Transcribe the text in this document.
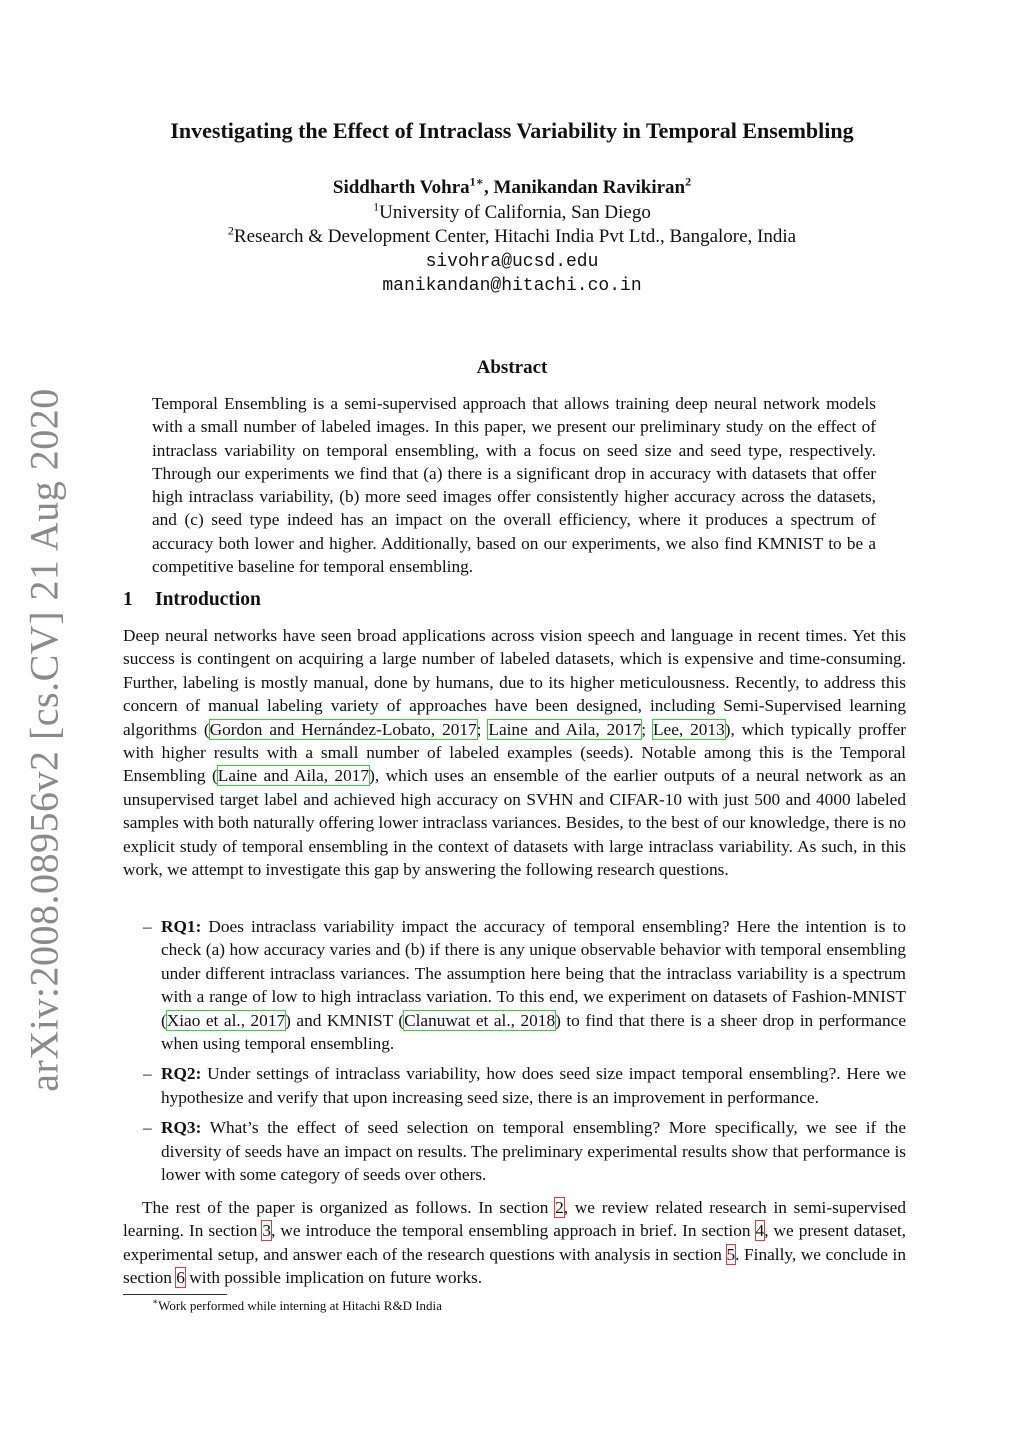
arXiv:2008.08956v2 [cs.CV] 21 Aug 2020
Investigating the Effect of Intraclass Variability in Temporal Ensembling
Siddharth Vohra$^{1∗}$, Manikandan Ravikiran$^2$
$^1$University of California, San Diego
$^2$Research & Development Center, Hitachi India Pvt Ltd., Bangalore, India
sivohra@ucsd.edu
manikandan@hitachi.co.in
Abstract
Temporal Ensembling is a semi-supervised approach that allows training deep neural network models with a small number of labeled images. In this paper, we present our preliminary study on the effect of intraclass variability on temporal ensembling, with a focus on seed size and seed type, respectively. Through our experiments we find that (a) there is a significant drop in accuracy with datasets that offer high intraclass variability, (b) more seed images offer consistently higher accuracy across the datasets, and (c) seed type indeed has an impact on the overall efficiency, where it produces a spectrum of accuracy both lower and higher. Additionally, based on our experiments, we also find KMNIST to be a competitive baseline for temporal ensembling.
1 Introduction
Deep neural networks have seen broad applications across vision speech and language in recent times. Yet this success is contingent on acquiring a large number of labeled datasets, which is expensive and time-consuming. Further, labeling is mostly manual, done by humans, due to its higher meticulousness. Recently, to address this concern of manual labeling variety of approaches have been designed, including Semi-Supervised learning algorithms (Gordon and Hernández-Lobato, 2017; Laine and Aila, 2017; Lee, 2013), which typically proffer with higher results with a small number of labeled examples (seeds). Notable among this is the Temporal Ensembling (Laine and Aila, 2017), which uses an ensemble of the earlier outputs of a neural network as an unsupervised target label and achieved high accuracy on SVHN and CIFAR-10 with just 500 and 4000 labeled samples with both naturally offering lower intraclass variances. Besides, to the best of our knowledge, there is no explicit study of temporal ensembling in the context of datasets with large intraclass variability. As such, in this work, we attempt to investigate this gap by answering the following research questions.
– RQ1: Does intraclass variability impact the accuracy of temporal ensembling? Here the intention is to check (a) how accuracy varies and (b) if there is any unique observable behavior with temporal ensembling under different intraclass variances. The assumption here being that the intraclass variability is a spectrum with a range of low to high intraclass variation. To this end, we experiment on datasets of Fashion-MNIST (Xiao et al., 2017) and KMNIST (Clanuwat et al., 2018) to find that there is a sheer drop in performance when using temporal ensembling.
– RQ2: Under settings of intraclass variability, how does seed size impact temporal ensembling?. Here we hypothesize and verify that upon increasing seed size, there is an improvement in performance.
– RQ3: What’s the effect of seed selection on temporal ensembling? More specifically, we see if the diversity of seeds have an impact on results. The preliminary experimental results show that performance is lower with some category of seeds over others.
The rest of the paper is organized as follows. In section 2, we review related research in semi-supervised learning. In section 3, we introduce the temporal ensembling approach in brief. In section 4, we present dataset, experimental setup, and answer each of the research questions with analysis in section 5. Finally, we conclude in section 6 with possible implication on future works.
∗Work performed while interning at Hitachi R&D India
